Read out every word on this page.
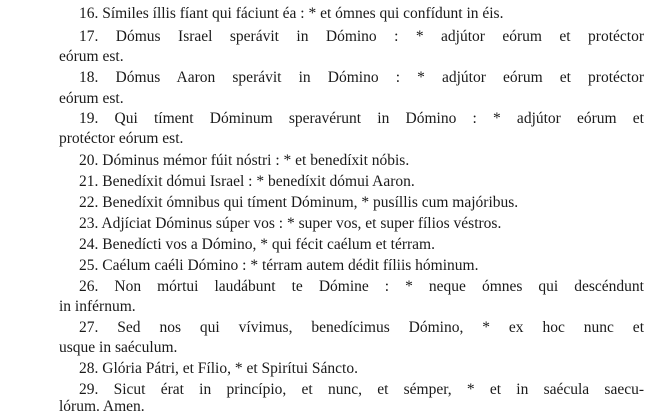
16. Símiles íllis fíant qui fáciunt éa : * et ómnes qui confídunt in éis.
17. Dómus Israel sperávit in Dómino : * adjútor eórum et protéctor
eórum est.
18. Dómus Aaron sperávit in Dómino : * adjútor eórum et protéctor
eórum est.
19. Qui tíment Dóminum speravérunt in Dómino : * adjútor eórum et
protéctor eórum est.
20. Dóminus mémor fúit nóstri : * et benedíxit nóbis.
21. Benedíxit dómui Israel : * benedíxit dómui Aaron.
22. Benedíxit ómnibus qui tíment Dóminum, * pusíllis cum majóribus.
23. Adjíciat Dóminus súper vos : * super vos, et super fílios véstros.
24. Benedícti vos a Dómino, * qui fécit caélum et térram.
25. Caélum caéli Dómino : * térram autem dédit fíliis hóminum.
26. Non mórtui laudábunt te Dómine : * neque ómnes qui descéndunt
in inférnum.
27. Sed nos qui vívimus, benedícimus Dómino, * ex hoc nunc et
usque in saéculum.
28. Glória Pátri, et Fílio, * et Spirítui Sáncto.
29. Sicut érat in princípio, et nunc, et sémper, * et in saécula saecu-
lórum. Amen.
